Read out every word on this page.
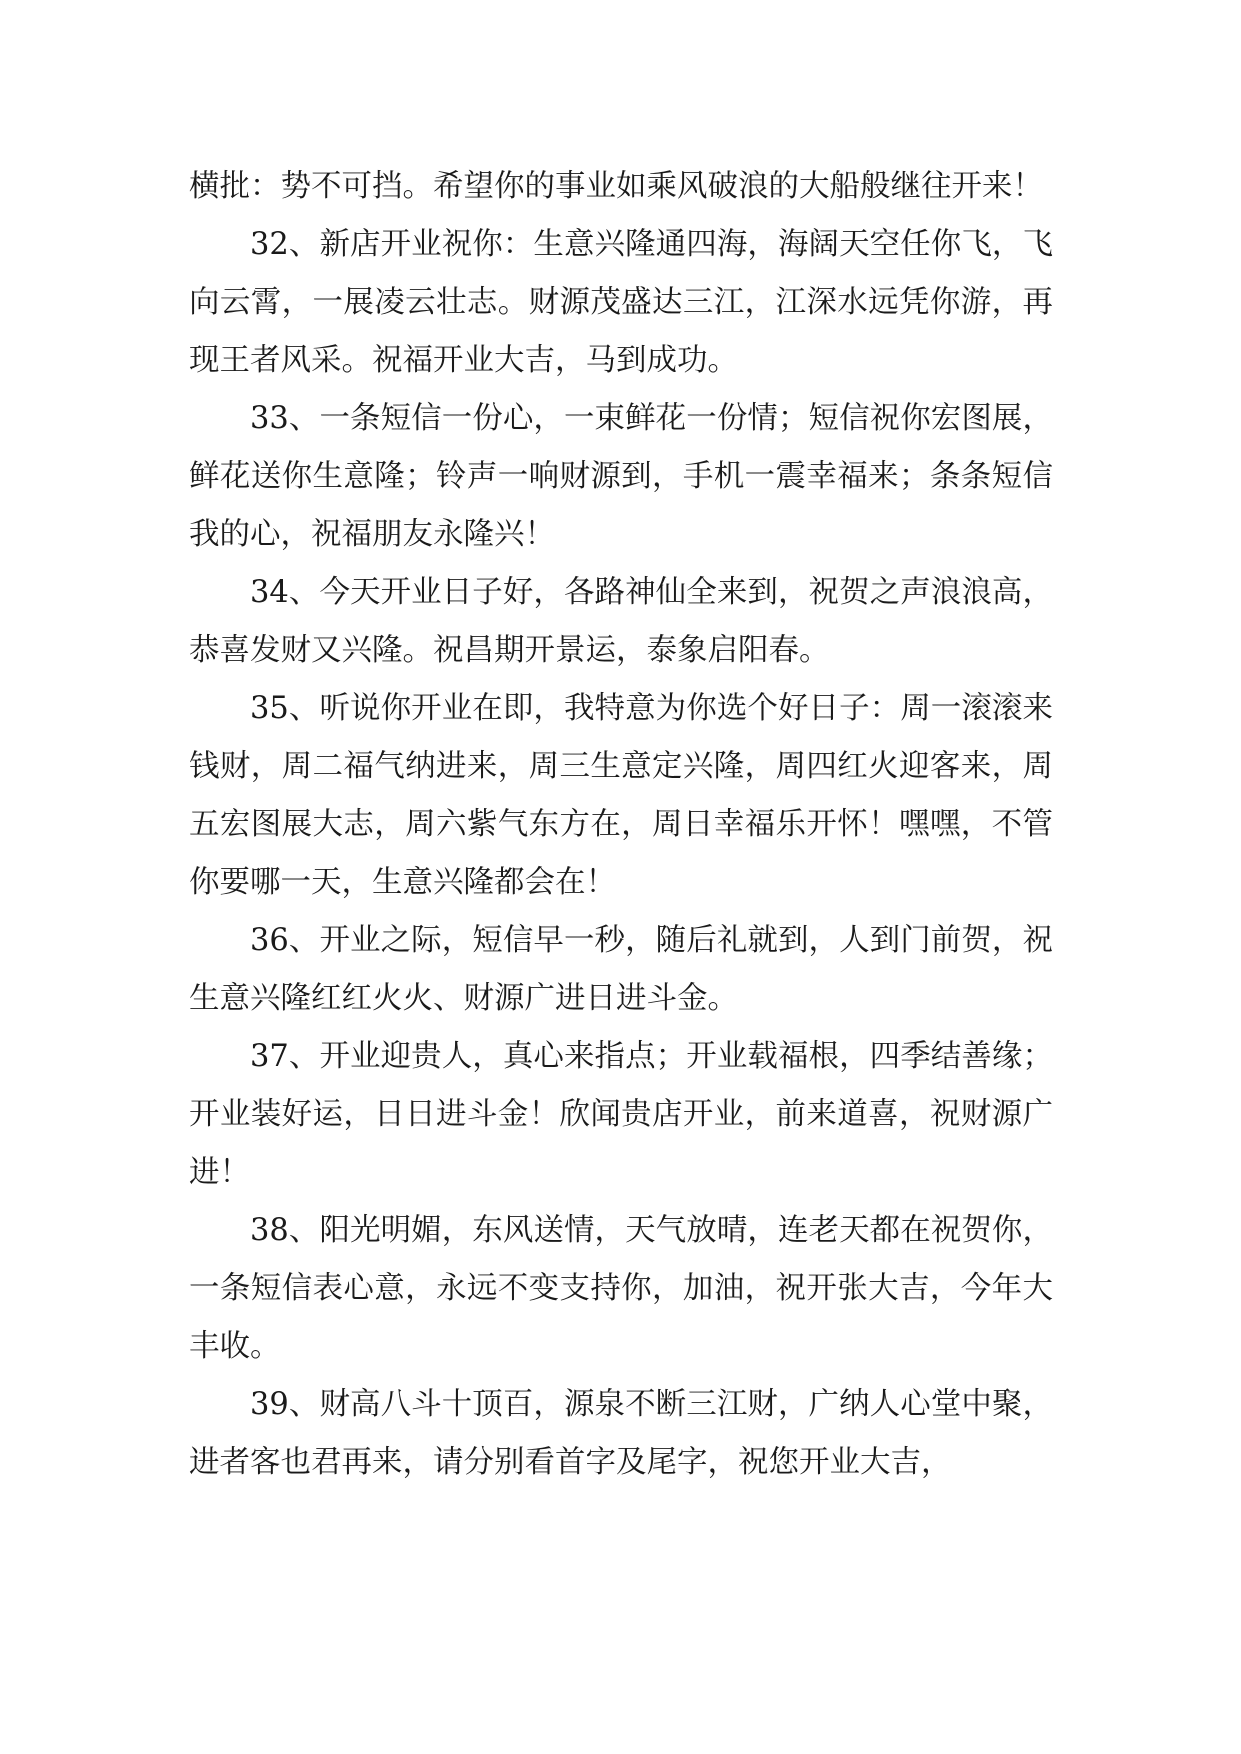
横批：势不可挡。希望你的事业如乘风破浪的大船般继往开来！

32、新店开业祝你：生意兴隆通四海，海阔天空任你飞，飞向云霄，一展凌云壮志。财源茂盛达三江，江深水远凭你游，再现王者风采。祝福开业大吉，马到成功。

33、一条短信一份心，一束鲜花一份情；短信祝你宏图展，鲜花送你生意隆；铃声一响财源到，手机一震幸福来；条条短信我的心，祝福朋友永隆兴！

34、今天开业日子好，各路神仙全来到，祝贺之声浪浪高，恭喜发财又兴隆。祝昌期开景运，泰象启阳春。

35、听说你开业在即，我特意为你选个好日子：周一滚滚来钱财，周二福气纳进来，周三生意定兴隆，周四红火迎客来，周五宏图展大志，周六紫气东方在，周日幸福乐开怀！嘿嘿，不管你要哪一天，生意兴隆都会在！

36、开业之际，短信早一秒，随后礼就到，人到门前贺，祝生意兴隆红红火火、财源广进日进斗金。

37、开业迎贵人，真心来指点；开业载福根，四季结善缘；开业装好运，日日进斗金！欣闻贵店开业，前来道喜，祝财源广进！

38、阳光明媚，东风送情，天气放晴，连老天都在祝贺你，一条短信表心意，永远不变支持你，加油，祝开张大吉，今年大丰收。

39、财高八斗十顶百，源泉不断三江财，广纳人心堂中聚，进者客也君再来，请分别看首字及尾字，祝您开业大吉，
